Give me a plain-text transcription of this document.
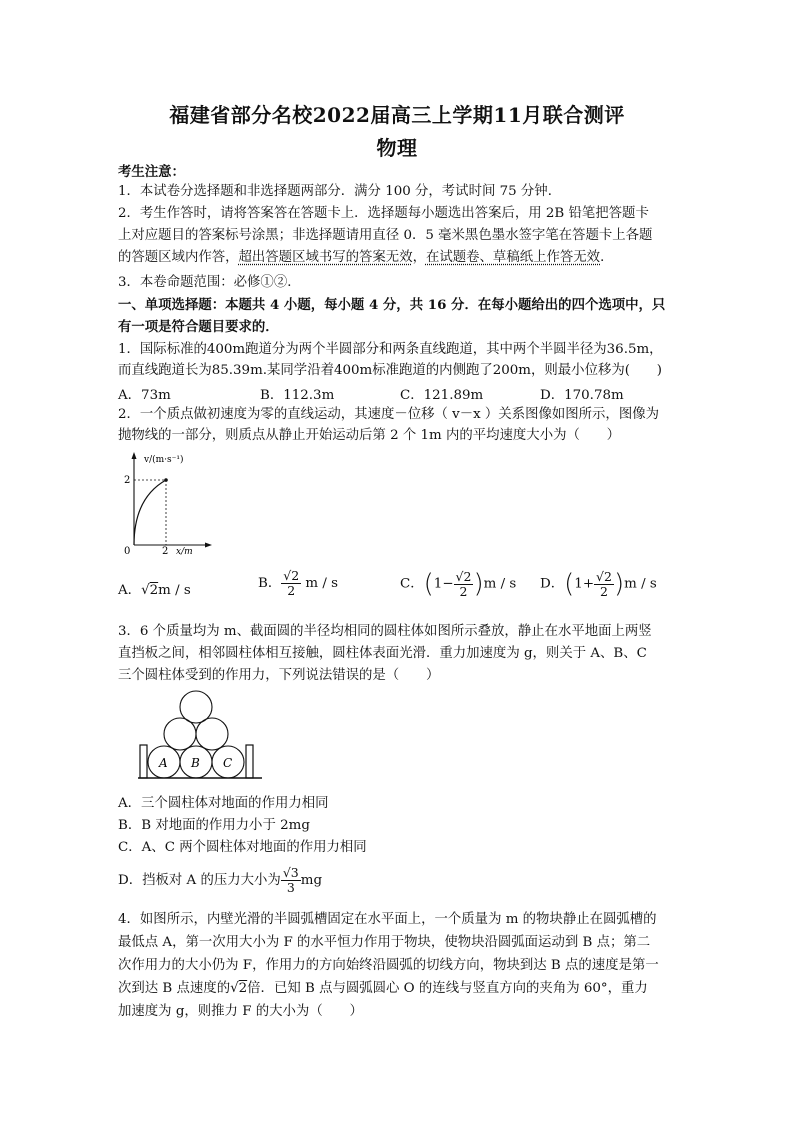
福建省部分名校2022届高三上学期11月联合测评
物理
考生注意：
1．本试卷分选择题和非选择题两部分．满分 100 分，考试时间 75 分钟．
2．考生作答时，请将答案答在答题卡上．选择题每小题选出答案后，用 2B 铅笔把答题卡
上对应题目的答案标号涂黑；非选择题请用直径 0．5 毫米黑色墨水签字笔在答题卡上各题
的答题区域内作答，超出答题区域书写的答案无效，在试题卷、草稿纸上作答无效．
3．本卷命题范围：必修①②．
一、单项选择题：本题共 4 小题，每小题 4 分，共 16 分．在每小题给出的四个选项中，只
有一项是符合题目要求的．
1．国际标准的400m跑道分为两个半圆部分和两条直线跑道，其中两个半圆半径为36.5m，
而直线跑道长为85.39m.某同学沿着400m标准跑道的内侧跑了200m，则最小位移为(　　)
A．73m	B．112.3m	C．121.89m	D．170.78m
2．一个质点做初速度为零的直线运动，其速度－位移（ v－x ）关系图像如图所示，图像为
抛物线的一部分，则质点从静止开始运动后第 2 个 1m 内的平均速度大小为（　　）
v/(m·s⁻¹)
x/m
2
2
0
A．√2m / s	B． $\frac{√2}{2}$ m / s	C．$(1- \frac{√2}{2} )m / s$ D．$(1+ \frac{√2}{2} )m / s$
3．6 个质量均为 m、截面圆的半径均相同的圆柱体如图所示叠放，静止在水平地面上两竖
直挡板之间，相邻圆柱体相互接触，圆柱体表面光滑．重力加速度为 g，则关于 A、B、C
三个圆柱体受到的作用力，下列说法错误的是（　　）
A B C
A．三个圆柱体对地面的作用力相同
B．B 对地面的作用力小于 2mg
C．A、C 两个圆柱体对地面的作用力相同
D．挡板对 A 的压力大小为 $\frac{√3}{3}$ mg
4．如图所示，内壁光滑的半圆弧槽固定在水平面上，一个质量为 m 的物块静止在圆弧槽的
最低点 A，第一次用大小为 F 的水平恒力作用于物块，使物块沿圆弧面运动到 B 点；第二
次作用力的大小仍为 F，作用力的方向始终沿圆弧的切线方向，物块到达 B 点的速度是第一
次到达 B 点速度的√2倍．已知 B 点与圆弧圆心 O 的连线与竖直方向的夹角为 60°，重力
加速度为 g，则推力 F 的大小为（　　）
